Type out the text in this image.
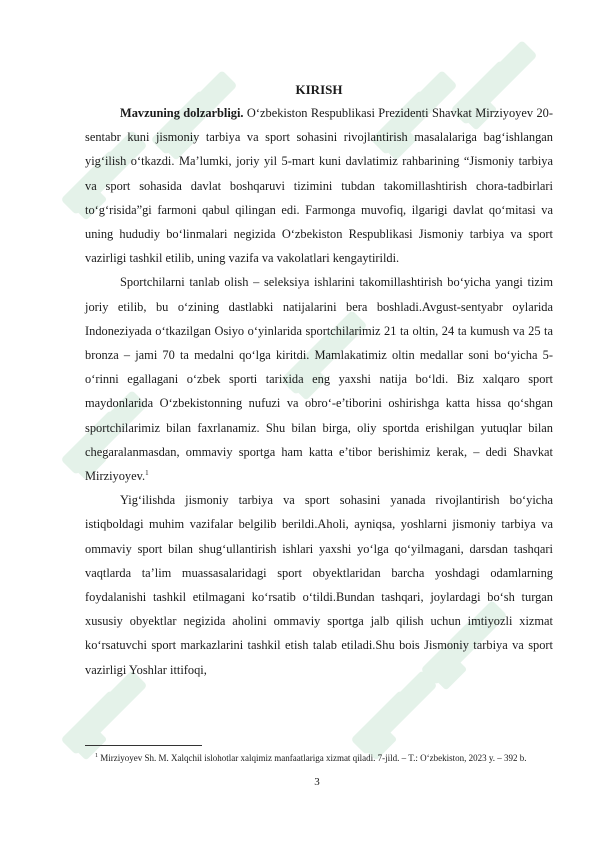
KIRISH

Mavzuning dolzarbligi. O‘zbekiston Respublikasi Prezidenti Shavkat Mirziyoyev 20-sentabr kuni jismoniy tarbiya va sport sohasini rivojlantirish masalalariga bag‘ishlangan yig‘ilish o‘tkazdi. Ma’lumki, joriy yil 5-mart kuni davlatimiz rahbarining “Jismoniy tarbiya va sport sohasida davlat boshqaruvi tizimini tubdan takomillashtirish chora-tadbirlari to‘g‘risida”gi farmoni qabul qilingan edi. Farmonga muvofiq, ilgarigi davlat qo‘mitasi va uning hududiy bo‘linmalari negizida O‘zbekiston Respublikasi Jismoniy tarbiya va sport vazirligi tashkil etilib, uning vazifa va vakolatlari kengaytirildi.

Sportchilarni tanlab olish – seleksiya ishlarini takomillashtirish bo‘yicha yangi tizim joriy etilib, bu o‘zining dastlabki natijalarini bera boshladi.Avgust-sentyabr oylarida Indoneziyada o‘tkazilgan Osiyo o‘yinlarida sportchilarimiz 21 ta oltin, 24 ta kumush va 25 ta bronza – jami 70 ta medalni qo‘lga kiritdi. Mamlakatimiz oltin medallar soni bo‘yicha 5-o‘rinni egallagani o‘zbek sporti tarixida eng yaxshi natija bo‘ldi. Biz xalqaro sport maydonlarida O‘zbekistonning nufuzi va obro‘-e’tiborini oshirishga katta hissa qo‘shgan sportchilarimiz bilan faxrlanamiz. Shu bilan birga, oliy sportda erishilgan yutuqlar bilan chegaralanmasdan, ommaviy sportga ham katta e’tibor berishimiz kerak, – dedi Shavkat Mirziyoyev.$^1$

Yig‘ilishda jismoniy tarbiya va sport sohasini yanada rivojlantirish bo‘yicha istiqboldagi muhim vazifalar belgilib berildi.Aholi, ayniqsa, yoshlarni jismoniy tarbiya va ommaviy sport bilan shug‘ullantirish ishlari yaxshi yo‘lga qo‘yilmagani, darsdan tashqari vaqtlarda ta’lim muassasalaridagi sport obyektlaridan barcha yoshdagi odamlarning foydalanishi tashkil etilmagani ko‘rsatib o‘tildi.Bundan tashqari, joylardagi bo‘sh turgan xususiy obyektlar negizida aholini ommaviy sportga jalb qilish uchun imtiyozli xizmat ko‘rsatuvchi sport markazlarini tashkil etish talab etiladi.Shu bois Jismoniy tarbiya va sport vazirligi Yoshlar ittifoqi,

$^1$ Mirziyoyev Sh. M. Xalqchil islohotlar xalqimiz manfaatlariga xizmat qiladi. 7-jild. – T.: O‘zbekiston, 2023 y. – 392 b.
3
